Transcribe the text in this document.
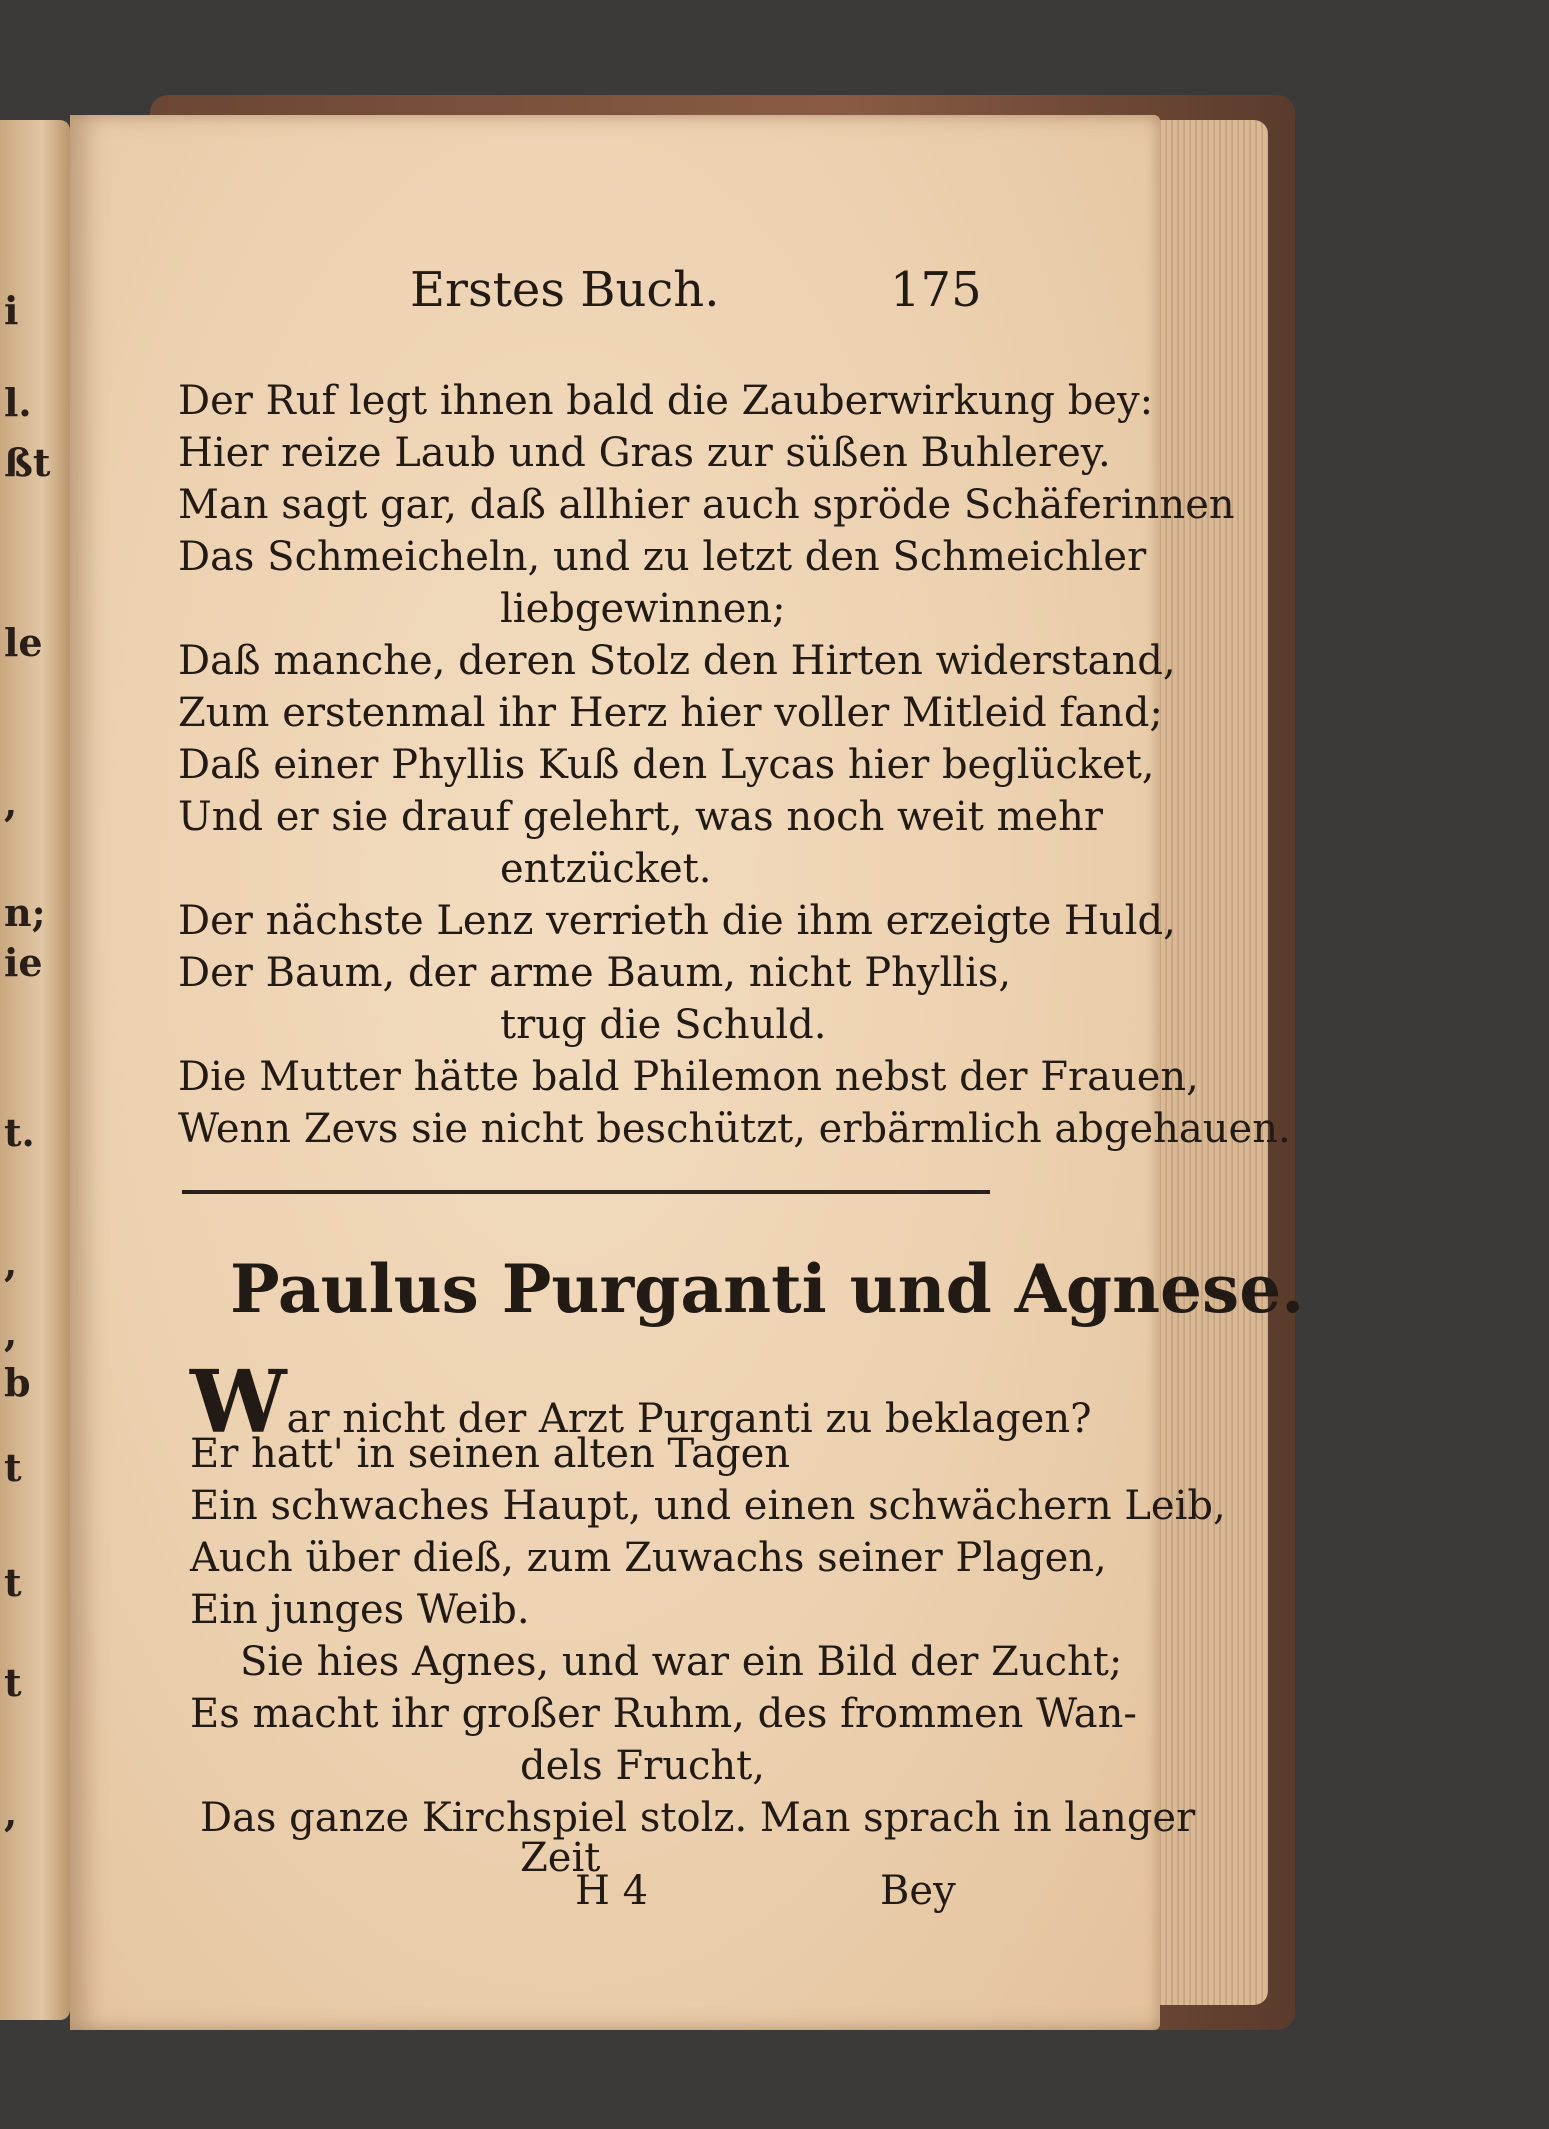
i
l.
ßt
le
,
n;
ie
t.
,
,
b
t
t
t
,
Erstes Buch.	175
Der Ruf legt ihnen bald die Zauberwirkung bey:
Hier reize Laub und Gras zur süßen Buhlerey.
Man sagt gar, daß allhier auch spröde Schäferinnen
Das Schmeicheln, und zu letzt den Schmeichler
liebgewinnen;
Daß manche, deren Stolz den Hirten widerstand,
Zum erstenmal ihr Herz hier voller Mitleid fand;
Daß einer Phyllis Kuß den Lycas hier beglücket,
Und er sie drauf gelehrt, was noch weit mehr
entzücket.
Der nächste Lenz verrieth die ihm erzeigte Huld,
Der Baum, der arme Baum, nicht Phyllis,
trug die Schuld.
Die Mutter hätte bald Philemon nebst der Frauen,
Wenn Zevs sie nicht beschützt, erbärmlich abgehauen.
Paulus Purganti und Agnese.
War nicht der Arzt Purganti zu beklagen?
Er hatt' in seinen alten Tagen
Ein schwaches Haupt, und einen schwächern Leib,
Auch über dieß, zum Zuwachs seiner Plagen,
Ein junges Weib.
Sie hies Agnes, und war ein Bild der Zucht;
Es macht ihr großer Ruhm, des frommen Wan-
dels Frucht,
Das ganze Kirchspiel stolz. Man sprach in langer
Zeit
H 4	Bey
